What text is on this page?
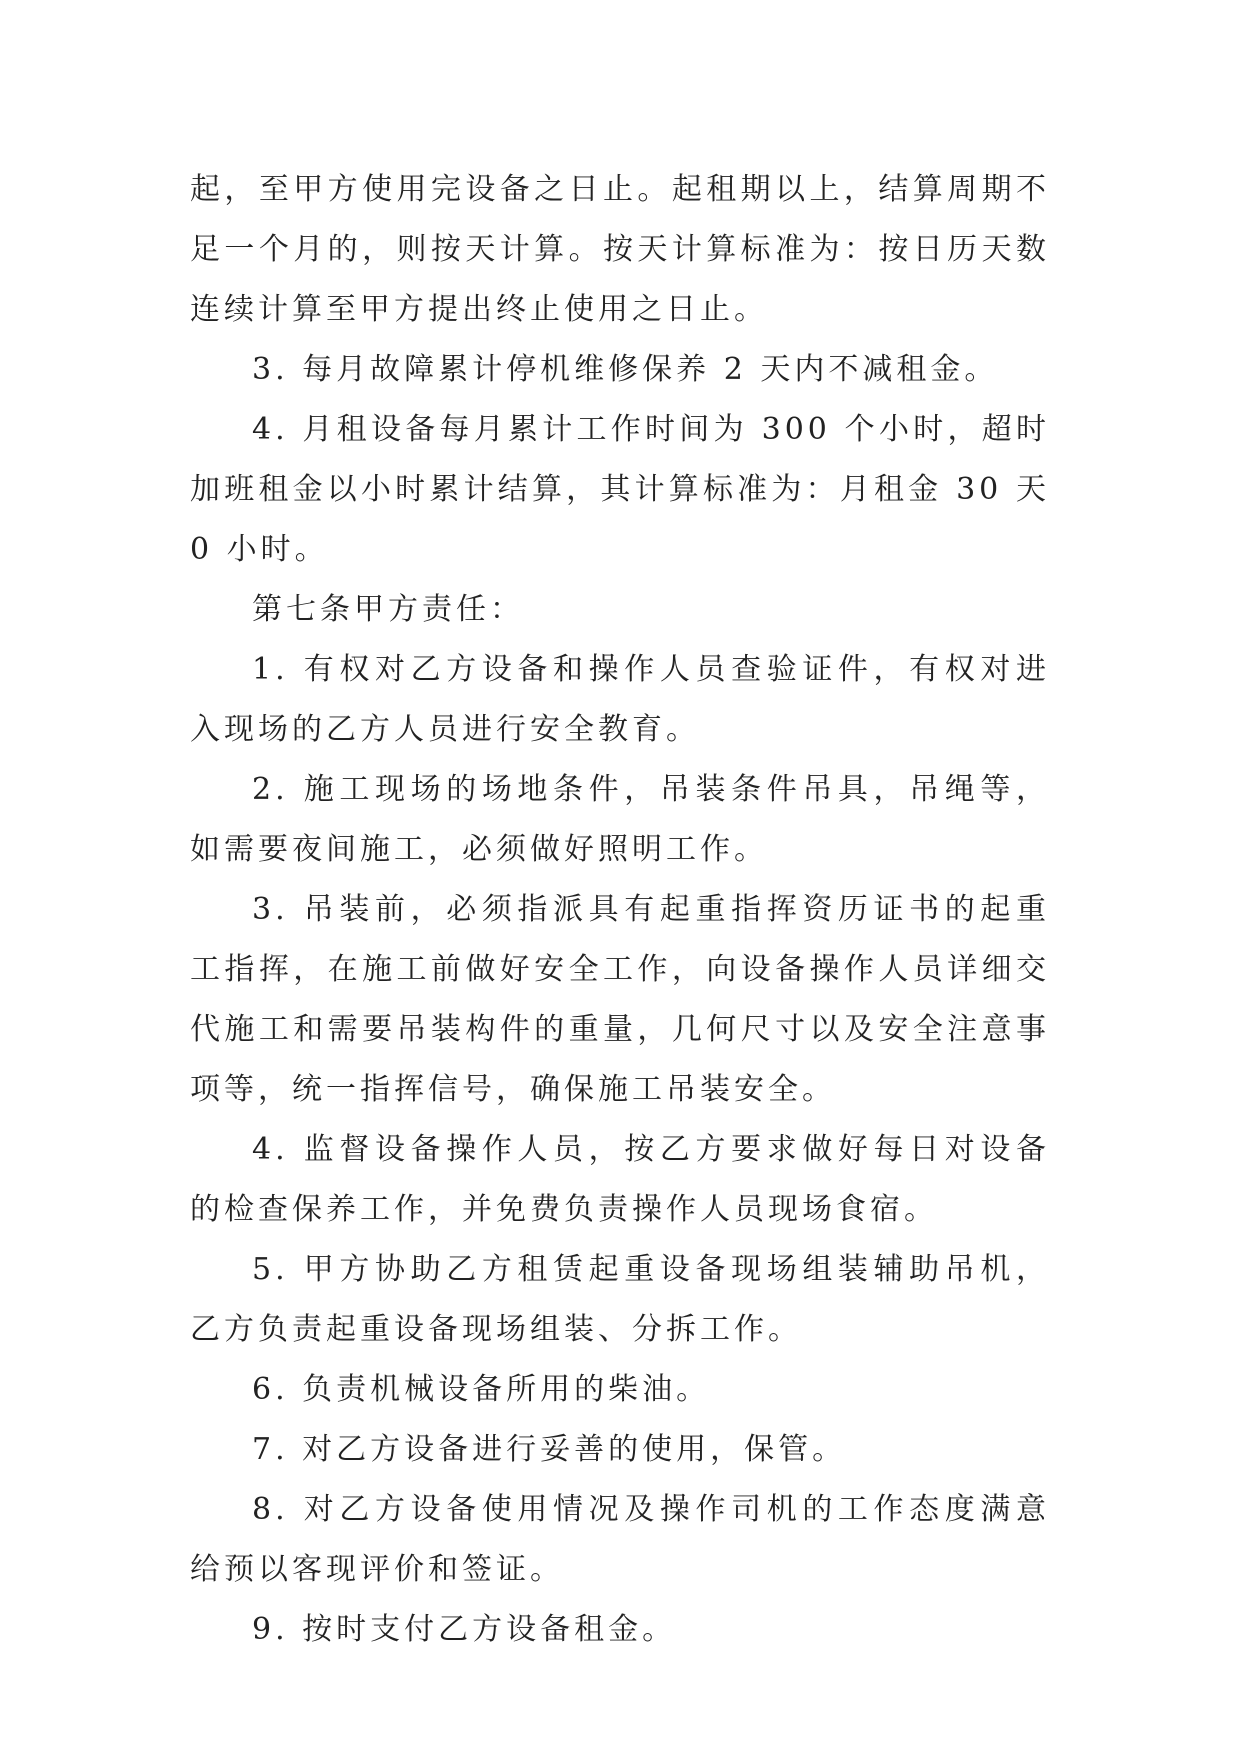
起，至甲方使用完设备之日止。起租期以上，结算周期不足一个月的，则按天计算。按天计算标准为：按日历天数连续计算至甲方提出终止使用之日止。

3. 每月故障累计停机维修保养 2 天内不减租金。

4. 月租设备每月累计工作时间为 300 个小时，超时加班租金以小时累计结算，其计算标准为：月租金 30 天 0 小时。

第七条甲方责任：

1. 有权对乙方设备和操作人员查验证件，有权对进入现场的乙方人员进行安全教育。

2. 施工现场的场地条件，吊装条件吊具，吊绳等，如需要夜间施工，必须做好照明工作。

3. 吊装前，必须指派具有起重指挥资历证书的起重工指挥，在施工前做好安全工作，向设备操作人员详细交代施工和需要吊装构件的重量，几何尺寸以及安全注意事项等，统一指挥信号，确保施工吊装安全。

4. 监督设备操作人员，按乙方要求做好每日对设备的检查保养工作，并免费负责操作人员现场食宿。

5. 甲方协助乙方租赁起重设备现场组装辅助吊机，乙方负责起重设备现场组装、分拆工作。

6. 负责机械设备所用的柴油。

7. 对乙方设备进行妥善的使用，保管。

8. 对乙方设备使用情况及操作司机的工作态度满意给预以客现评价和签证。

9. 按时支付乙方设备租金。
